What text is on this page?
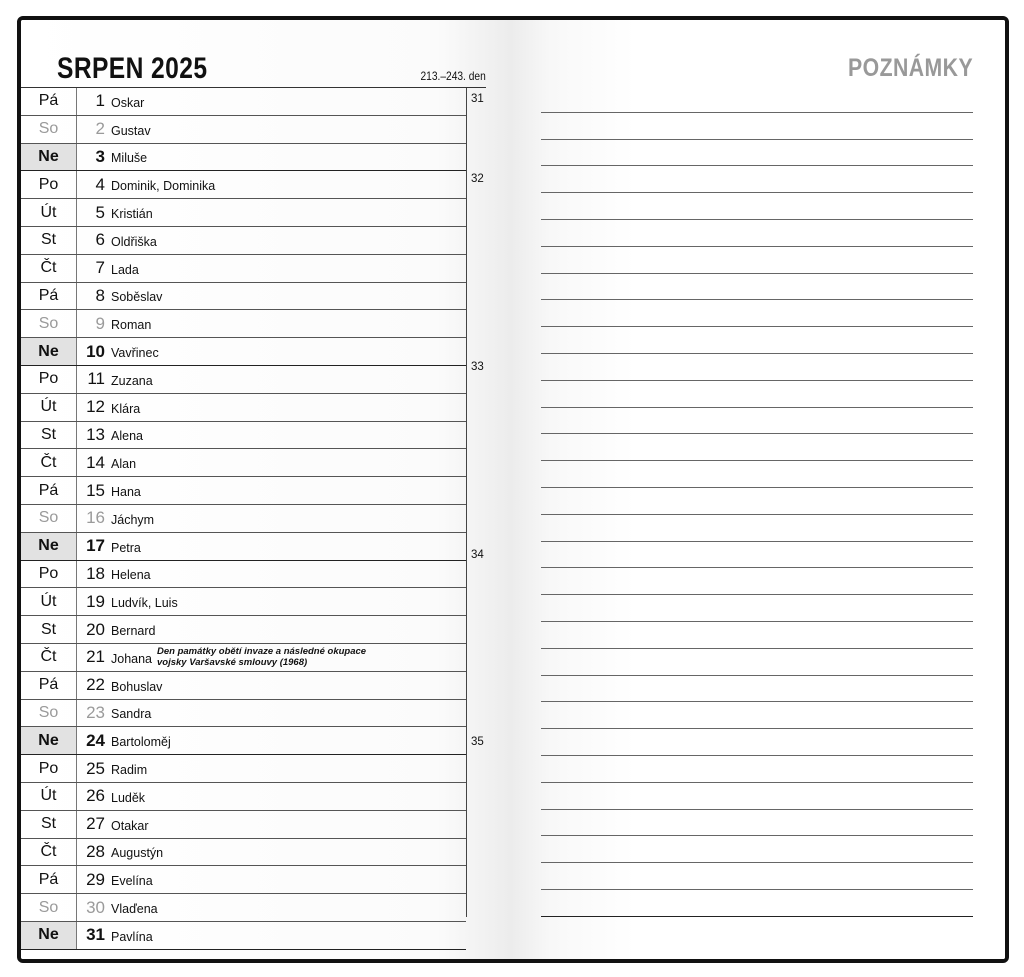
SRPEN 2025	213.–243. den
Pá	1 Oskar
So	2 Gustav
Ne	3 Miluše
Po	4 Dominik, Dominika
Út	5 Kristián
St	6 Oldřiška
Čt	7 Lada
Pá	8 Soběslav
So	9 Roman
Ne	10 Vavřinec
Po	11 Zuzana
Út	12 Klára
St	13 Alena
Čt	14 Alan
Pá	15 Hana
So	16 Jáchym
Ne	17 Petra
Po	18 Helena
Út	19 Ludvík, Luis
St	20 Bernard
Čt	21 Johana
Den památky obětí invaze a následné okupace
vojsky Varšavské smlouvy (1968)
Pá	22 Bohuslav
So	23 Sandra
Ne	24 Bartoloměj
Po	25 Radim
Út	26 Luděk
St	27 Otakar
Čt	28 Augustýn
Pá	29 Evelína
So	30 Vlaďena
Ne	31 Pavlína
31
32
33
34
35
POZNÁMKY
